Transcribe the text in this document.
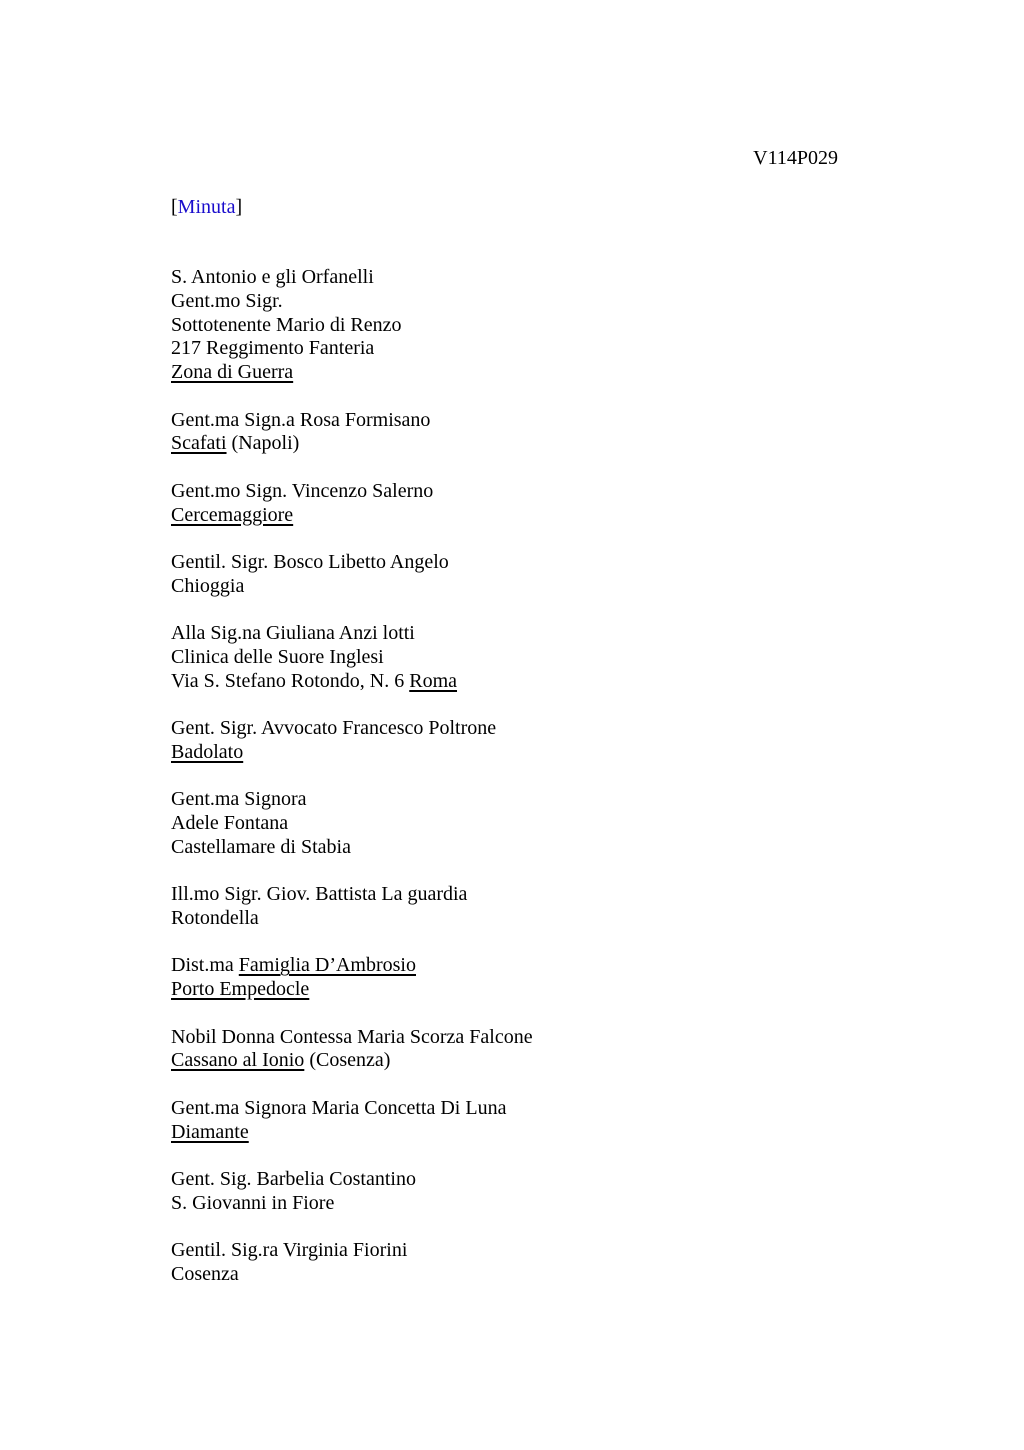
V114P029
[Minuta]
S. Antonio e gli Orfanelli
Gent.mo Sigr.
Sottotenente Mario di Renzo
217 Reggimento Fanteria
Zona di Guerra
Gent.ma Sign.a Rosa Formisano
Scafati (Napoli)
Gent.mo Sign. Vincenzo Salerno
Cercemaggiore
Gentil. Sigr. Bosco Libetto Angelo
Chioggia
Alla Sig.na Giuliana Anzi lotti
Clinica delle Suore Inglesi
Via S. Stefano Rotondo, N. 6 Roma
Gent. Sigr. Avvocato Francesco Poltrone
Badolato
Gent.ma Signora
Adele Fontana
Castellamare di Stabia
Ill.mo Sigr. Giov. Battista La guardia
Rotondella
Dist.ma Famiglia D’Ambrosio
Porto Empedocle
Nobil Donna Contessa Maria Scorza Falcone
Cassano al Ionio (Cosenza)
Gent.ma Signora Maria Concetta Di Luna
Diamante
Gent. Sig. Barbelia Costantino
S. Giovanni in Fiore
Gentil. Sig.ra Virginia Fiorini
Cosenza
